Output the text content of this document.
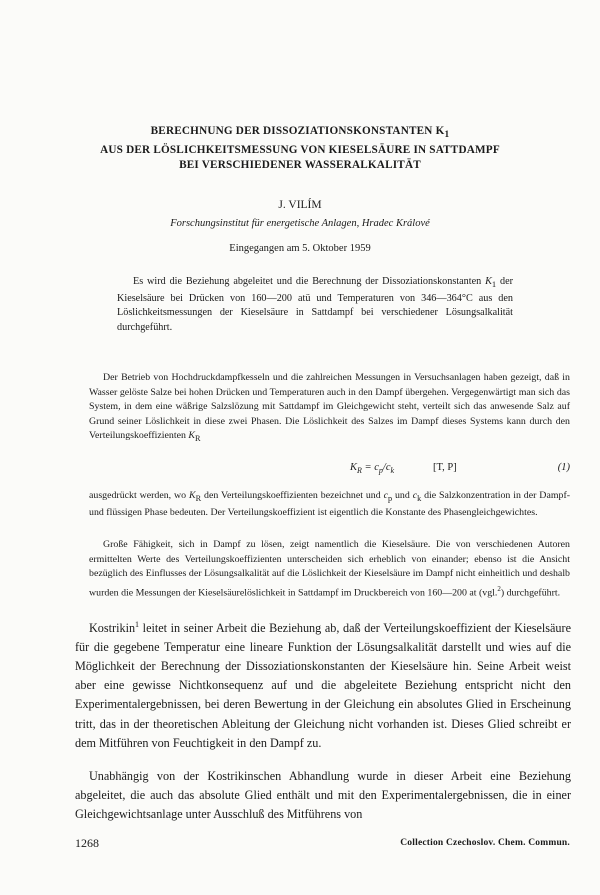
BERECHNUNG DER DISSOZIATIONSKONSTANTEN $K_1$
AUS DER LÖSLICHKEITSMESSUNG VON KIESELSÄURE IN SATTDAMPF
BEI VERSCHIEDENER WASSERALKALITÄT
J. VILÍM
Forschungsinstitut für energetische Anlagen, Hradec Králové
Eingegangen am 5. Oktober 1959
Es wird die Beziehung abgeleitet und die Berechnung der Dissoziationskonstanten $K_1$ der Kieselsäure bei Drücken von 160—200 atü und Temperaturen von 346—364°C aus den Löslichkeitsmessungen der Kieselsäure in Sattdampf bei verschiedener Lösungsalkalität durchgeführt.

Der Betrieb von Hochdruckdampfkesseln und die zahlreichen Messungen in Versuchsanlagen haben gezeigt, daß in Wasser gelöste Salze bei hohen Drücken und Temperaturen auch in den Dampf übergehen. Vergegenwärtigt man sich das System, in dem eine wäßrige Salzslözung mit Sattdampf im Gleichgewicht steht, verteilt sich das anwesende Salz auf Grund seiner Löslichkeit in diese zwei Phasen. Die Löslichkeit des Salzes im Dampf dieses Systems kann durch den Verteilungskoeffizienten $K_R$

$K_R = c_p/c_k$	[T, P]	(1)

ausgedrückt werden, wo $K_R$ den Verteilungskoeffizienten bezeichnet und $c_p$ und $c_k$ die Salzkonzentration in der Dampf- und flüssigen Phase bedeuten. Der Verteilungskoeffizient ist eigentlich die Konstante des Phasengleichgewichtes.

Große Fähigkeit, sich in Dampf zu lösen, zeigt namentlich die Kieselsäure. Die von verschiedenen Autoren ermittelten Werte des Verteilungskoeffizienten unterscheiden sich erheblich von einander; ebenso ist die Ansicht bezüglich des Einflusses der Lösungsalkalität auf die Löslichkeit der Kieselsäure im Dampf nicht einheitlich und deshalb wurden die Messungen der Kieselsäurelöslichkeit in Sattdampf im Druckbereich von 160—200 at (vgl.$^2$) durchgeführt.

Kostrikin$^1$ leitet in seiner Arbeit die Beziehung ab, daß der Verteilungskoeffizient der Kieselsäure für die gegebene Temperatur eine lineare Funktion der Lösungsalkalität darstellt und wies auf die Möglichkeit der Berechnung der Dissoziationskonstanten der Kieselsäure hin. Seine Arbeit weist aber eine gewisse Nichtkonsequenz auf und die abgeleitete Beziehung entspricht nicht den Experimentalergebnissen, bei deren Bewertung in der Gleichung ein absolutes Glied in Erscheinung tritt, das in der theoretischen Ableitung der Gleichung nicht vorhanden ist. Dieses Glied schreibt er dem Mitführen von Feuchtigkeit in den Dampf zu.

Unabhängig von der Kostrikinschen Abhandlung wurde in dieser Arbeit eine Beziehung abgeleitet, die auch das absolute Glied enthält und mit den Experimentalergebnissen, die in einer Gleichgewichtsanlage unter Ausschluß des Mitführens von

1268	Collection Czechoslov. Chem. Commun.
